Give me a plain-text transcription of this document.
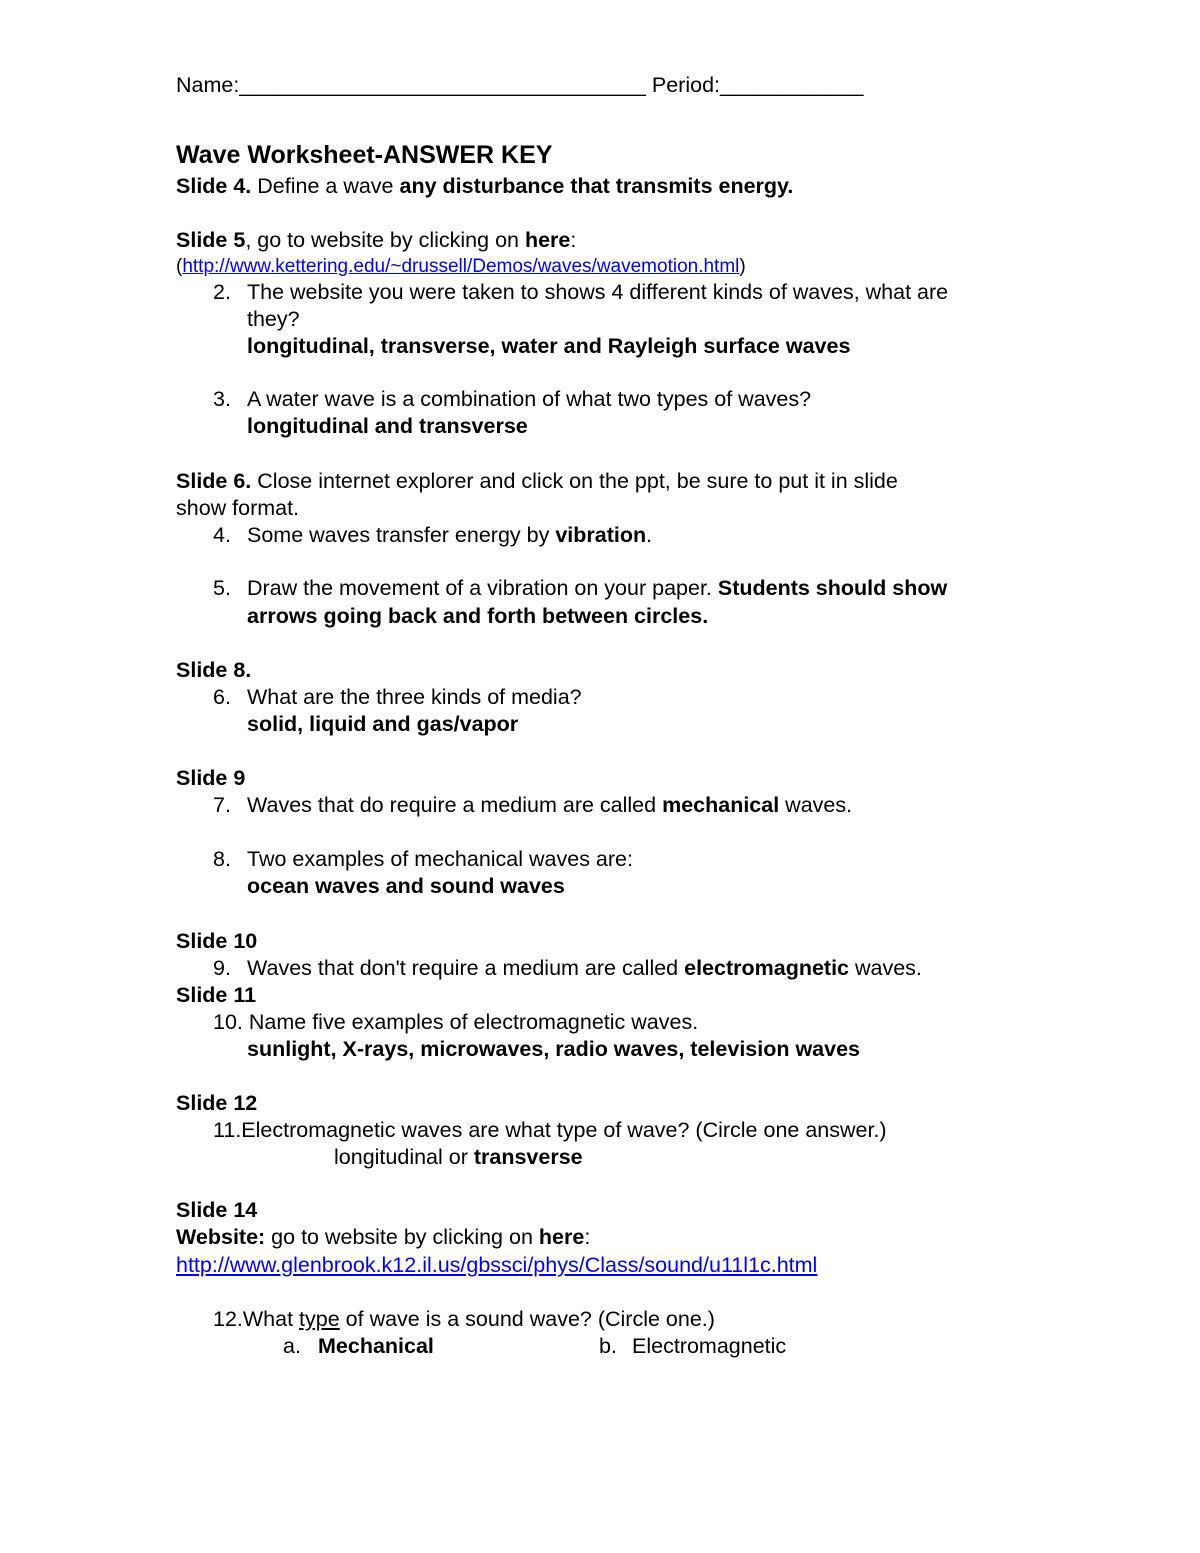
Name:__________________________________ Period:____________
Wave Worksheet-ANSWER KEY
Slide 4. Define a wave any disturbance that transmits energy.
Slide 5, go to website by clicking on here:
(http://www.kettering.edu/~drussell/Demos/waves/wavemotion.html)
2. The website you were taken to shows 4 different kinds of waves, what are
they?
longitudinal, transverse, water and Rayleigh surface waves
3. A water wave is a combination of what two types of waves?
longitudinal and transverse
Slide 6. Close internet explorer and click on the ppt, be sure to put it in slide
show format.
4. Some waves transfer energy by vibration.
5. Draw the movement of a vibration on your paper. Students should show
arrows going back and forth between circles.
Slide 8.
6. What are the three kinds of media?
solid, liquid and gas/vapor
Slide 9
7. Waves that do require a medium are called mechanical waves.
8. Two examples of mechanical waves are:
ocean waves and sound waves
Slide 10
9. Waves that don't require a medium are called electromagnetic waves.
Slide 11
10. Name five examples of electromagnetic waves.
sunlight, X-rays, microwaves, radio waves, television waves
Slide 12
11.Electromagnetic waves are what type of wave? (Circle one answer.)
longitudinal or transverse
Slide 14
Website: go to website by clicking on here:
http://www.glenbrook.k12.il.us/gbssci/phys/Class/sound/u11l1c.html
12.What type of wave is a sound wave? (Circle one.)
a. Mechanical	b. Electromagnetic
